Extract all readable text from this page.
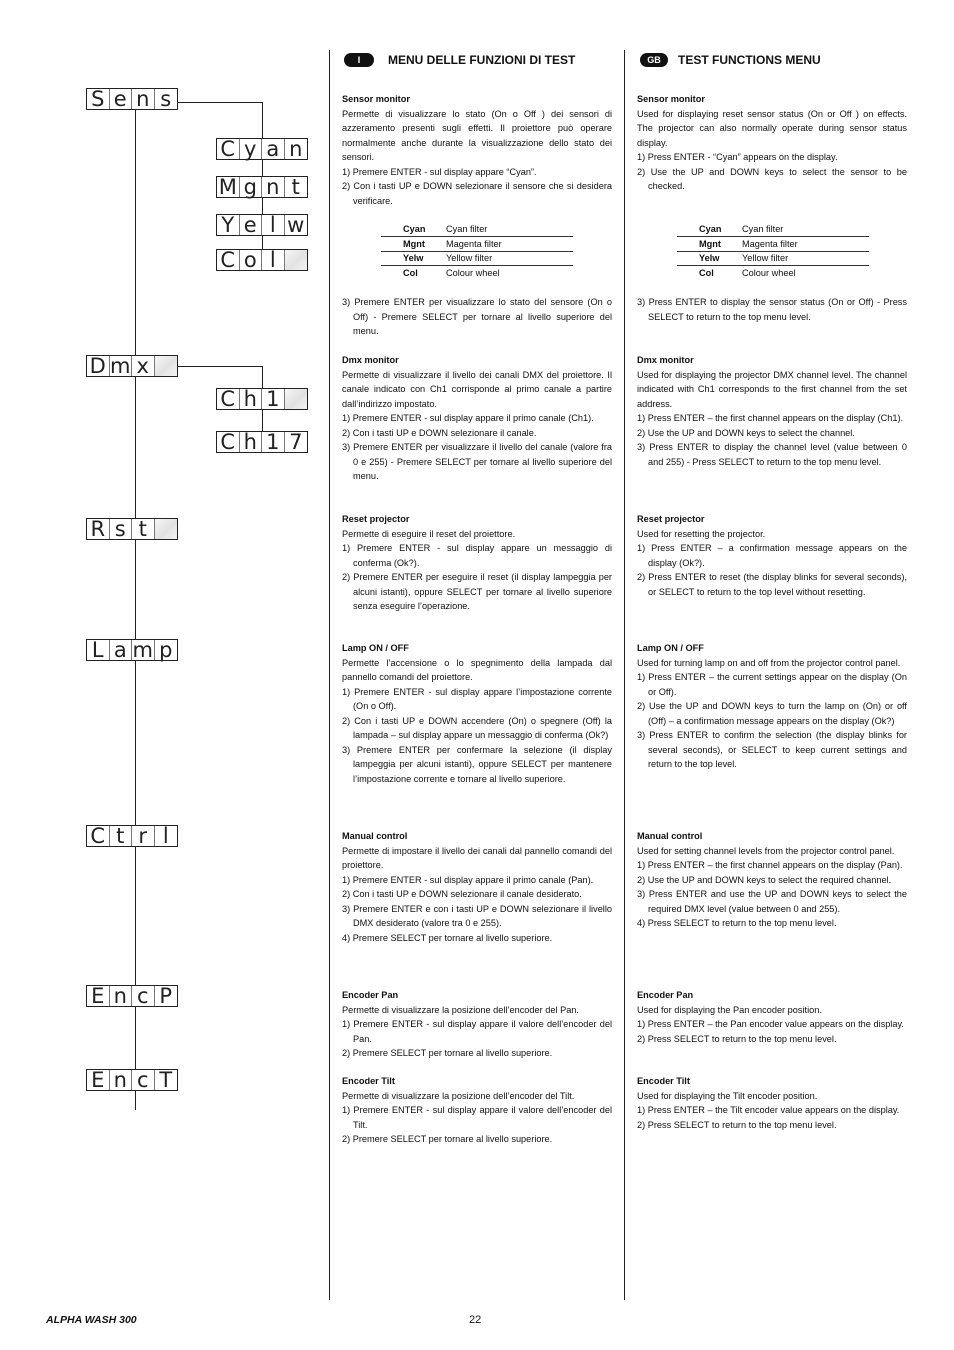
S e n s
C y a n
M g n t
Y e l w
C o l
D m x
C h 1
C h 1 7
R s t
L a m p
C t r l
E n c P
E n c T
I	MENU DELLE FUNZIONI DI TEST
Sensor monitor
Permette di visualizzare lo stato (On o Off ) dei sensori di azzeramento presenti sugli effetti. Il proiettore può operare normalmente anche durante la visualizzazione dello stato dei sensori.
1) Premere ENTER - sul display appare “Cyan”.
2) Con i tasti UP e DOWN selezionare il sensore che si desidera verificare.
Cyan	Cyan filter
Mgnt	Magenta filter
Yelw	Yellow filter
Col	Colour wheel
3) Premere ENTER per visualizzare lo stato del sensore (On o Off) - Premere SELECT per tornare al livello superiore del menu.
Dmx monitor
Permette di visualizzare il livello dei canali DMX del proiettore. Il canale indicato con Ch1 corrisponde al primo canale a partire dall’indirizzo impostato.
1) Premere ENTER - sul display appare il primo canale (Ch1).
2) Con i tasti UP e DOWN selezionare il canale.
3) Premere ENTER per visualizzare il livello del canale (valore fra 0 e 255) - Premere SELECT per tornare al livello superiore del menu.
Reset projector
Permette di eseguire il reset del proiettore.
1) Premere ENTER - sul display appare un messaggio di conferma (Ok?).
2) Premere ENTER per eseguire il reset (il display lampeggia per alcuni istanti), oppure SELECT per tornare al livello superiore senza eseguire l’operazione.
Lamp ON / OFF
Permette l’accensione o lo spegnimento della lampada dal pannello comandi del proiettore.
1) Premere ENTER - sul display appare l’impostazione corrente (On o Off).
2) Con i tasti UP e DOWN accendere (On) o spegnere (Off) la lampada – sul display appare un messaggio di conferma (Ok?)
3) Premere ENTER per confermare la selezione (il display lampeggia per alcuni istanti), oppure SELECT per mantenere l’impostazione corrente e tornare al livello superiore.
Manual control
Permette di impostare il livello dei canali dal pannello comandi del proiettore.
1) Premere ENTER - sul display appare il primo canale (Pan).
2) Con i tasti UP e DOWN selezionare il canale desiderato.
3) Premere ENTER e con i tasti UP e DOWN selezionare il livello DMX desiderato (valore tra 0 e 255).
4) Premere SELECT per tornare al livello superiore.
Encoder Pan
Permette di visualizzare la posizione dell’encoder del Pan.
1) Premere ENTER - sul display appare il valore dell’encoder del Pan.
2) Premere SELECT per tornare al livello superiore.
Encoder Tilt
Permette di visualizzare la posizione dell’encoder del Tilt.
1) Premere ENTER - sul display appare il valore dell’encoder del Tilt.
2) Premere SELECT per tornare al livello superiore.
GB	TEST FUNCTIONS MENU
Sensor monitor
Used for displaying reset sensor status (On or Off ) on effects. The projector can also normally operate during sensor status display.
1) Press ENTER - “Cyan” appears on the display.
2) Use the UP and DOWN keys to select the sensor to be checked.
Cyan	Cyan filter
Mgnt	Magenta filter
Yelw	Yellow filter
Col	Colour wheel
3) Press ENTER to display the sensor status (On or Off) - Press SELECT to return to the top menu level.
Dmx monitor
Used for displaying the projector DMX channel level. The channel indicated with Ch1 corresponds to the first channel from the set address.
1) Press ENTER – the first channel appears on the display (Ch1).
2) Use the UP and DOWN keys to select the channel.
3) Press ENTER to display the channel level (value between 0 and 255) - Press SELECT to return to the top menu level.
Reset projector
Used for resetting the projector.
1) Press ENTER – a confirmation message appears on the display (Ok?).
2) Press ENTER to reset (the display blinks for several seconds), or SELECT to return to the top level without resetting.
Lamp ON / OFF
Used for turning lamp on and off from the projector control panel.
1) Press ENTER – the current settings appear on the display (On or Off).
2) Use the UP and DOWN keys to turn the lamp on (On) or off (Off) – a confirmation message appears on the display (Ok?)
3) Press ENTER to confirm the selection (the display blinks for several seconds), or SELECT to keep current settings and return to the top level.
Manual control
Used for setting channel levels from the projector control panel.
1) Press ENTER – the first channel appears on the display (Pan).
2) Use the UP and DOWN keys to select the required channel.
3) Press ENTER and use the UP and DOWN keys to select the required DMX level (value between 0 and 255).
4) Press SELECT to return to the top menu level.
Encoder Pan
Used for displaying the Pan encoder position.
1) Press ENTER – the Pan encoder value appears on the display.
2) Press SELECT to return to the top menu level.
Encoder Tilt
Used for displaying the Tilt encoder position.
1) Press ENTER – the Tilt encoder value appears on the display.
2) Press SELECT to return to the top menu level.
ALPHA WASH 300	22
